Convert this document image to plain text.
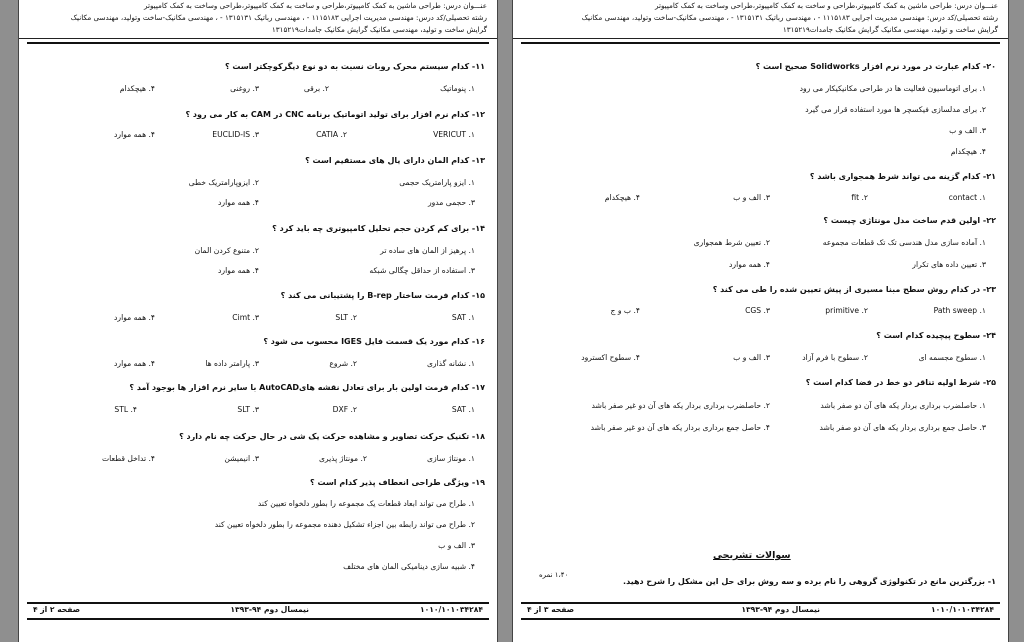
عنـــوان درس: طراحی ماشین به کمک کامپیوتر،طراحی و ساخت به کمک کامپیوتر،طراحی وساخت به کمک کامپیوتر
رشته تحصیلی/کد درس: مهندسی مدیریت اجرایی ۱۱۱۵۱۸۳ - ، مهندسی رباتیک ۱۳۱۵۱۳۱ - ، مهندسی مکانیک-ساخت وتولید، مهندسی مکانیک
گرایش ساخت و تولید، مهندسی مکانیک گرایش مکانیک جامدات۱۳۱۵۲۱۹
۱۱- کدام سیستم محرک روبات نسبت به دو نوع دیگرکوچکتر است ؟
۱. پنوماتیک
۲. برقی
۳. روغنی
۴. هیچکدام
۱۲- کدام نرم افزار برای تولید اتوماتیک برنامه CNC در CAM به کار می رود ؟
۱. VERICUT
۲. CATIA
۳. EUCLID-IS
۴. همه موارد
۱۳- کدام المان دارای یال های مستقیم است ؟
۱. ایزو پارامتریک حجمی
۲. ایزوپارامتریک خطی
۳. حجمی مدور
۴. همه موارد
۱۴- برای کم کردن حجم تحلیل کامپیوتری چه باید کرد ؟
۱. پرهیز از المان های ساده تر
۲. متنوع کردن المان
۳. استفاده از حداقل چگالی شبکه
۴. همه موارد
۱۵- کدام فرمت ساختار B-rep را پشتیبانی می کند ؟
۱. SAT
۲. SLT
۳. Cimt
۴. همه موارد
۱۶- کدام مورد یک قسمت فایل IGES محسوب می شود ؟
۱. نشانه گذاری
۲. شروع
۳. پارامتر داده ها
۴. همه موارد
۱۷- کدام فرمت اولین بار برای تعادل نقشه هایAutoCAD با سایر نرم افزار ها بوجود آمد ؟
۱. SAT
۲. DXF
۳. SLT
۴. STL
۱۸- تکنیک حرکت تصاویر و مشاهده حرکت یک شی در حال حرکت چه نام دارد ؟
۱. مونتاژ سازی
۲. مونتاژ پذیری
۳. انیمیشن
۴. تداخل قطعات
۱۹- ویژگی طراحی انعطاف پذیر کدام است ؟
۱. طراح می تواند ابعاد قطعات یک مجموعه را بطور دلخواه تعیین کند
۲. طراح می تواند رابطه بین اجزاء تشکیل دهنده مجموعه را بطور دلخواه تعیین کند
۳. الف و ب
۴. شبیه سازی دینامیکی المان های مختلف
۱۰۱۰/۱۰۱۰۳۴۲۸۴
نیمسال دوم ۹۴-۱۳۹۳
صفحه ۲ از ۴
عنـــوان درس: طراحی ماشین به کمک کامپیوتر،طراحی و ساخت به کمک کامپیوتر،طراحی وساخت به کمک کامپیوتر
رشته تحصیلی/کد درس: مهندسی مدیریت اجرایی ۱۱۱۵۱۸۳ - ، مهندسی رباتیک ۱۳۱۵۱۳۱ - ، مهندسی مکانیک-ساخت وتولید، مهندسی مکانیک
گرایش ساخت و تولید، مهندسی مکانیک گرایش مکانیک جامدات۱۳۱۵۲۱۹
۲۰- کدام عبارت در مورد نرم افزار Solidworks صحیح است ؟
۱. برای اتوماسیون فعالیت ها در طراحی مکانیکیکار می رود
۲. برای مدلسازی فیکسچر ها مورد استفاده قرار می گیرد
۳. الف و ب
۴. هیچکدام
۲۱- کدام گزینه می تواند شرط همجواری باشد ؟
۱. contact
۲. fit
۳. الف و ب
۴. هیچکدام
۲۲- اولین قدم ساخت مدل مونتاژی چیست ؟
۱. آماده سازی مدل هندسی تک تک قطعات مجموعه
۲. تعیین شرط همجواری
۳. تعیین داده های تکرار
۴. همه موارد
۲۳- در کدام روش سطح مبنا مسیری از پیش تعیین شده را طی می کند ؟
۱. Path sweep
۲. primitive
۳. CGS
۴. ب و ج
۲۴- سطوح پیچیده کدام است ؟
۱. سطوح مجسمه ای
۲. سطوح با فرم آزاد
۳. الف و ب
۴. سطوح اکسترود
۲۵- شرط اولیه تناقر دو خط در فضا کدام است ؟
۱. حاصلضرب برداری بردار یکه های آن دو صفر باشد
۲. حاصلضرب برداری بردار یکه های آن دو غیر صفر باشد
۳. حاصل جمع برداری بردار یکه های آن دو صفر باشد
۴. حاصل جمع برداری بردار یکه های آن دو غیر صفر باشد
سوالات تشریحی
۱- بزرگترین مانع در تکنولوژی گروهی را نام برده و سه روش برای حل این مشکل را شرح دهید.
۱،۴۰ نمره
۱۰۱۰/۱۰۱۰۳۴۲۸۴
نیمسال دوم ۹۴-۱۳۹۳
صفحه ۳ از ۴
